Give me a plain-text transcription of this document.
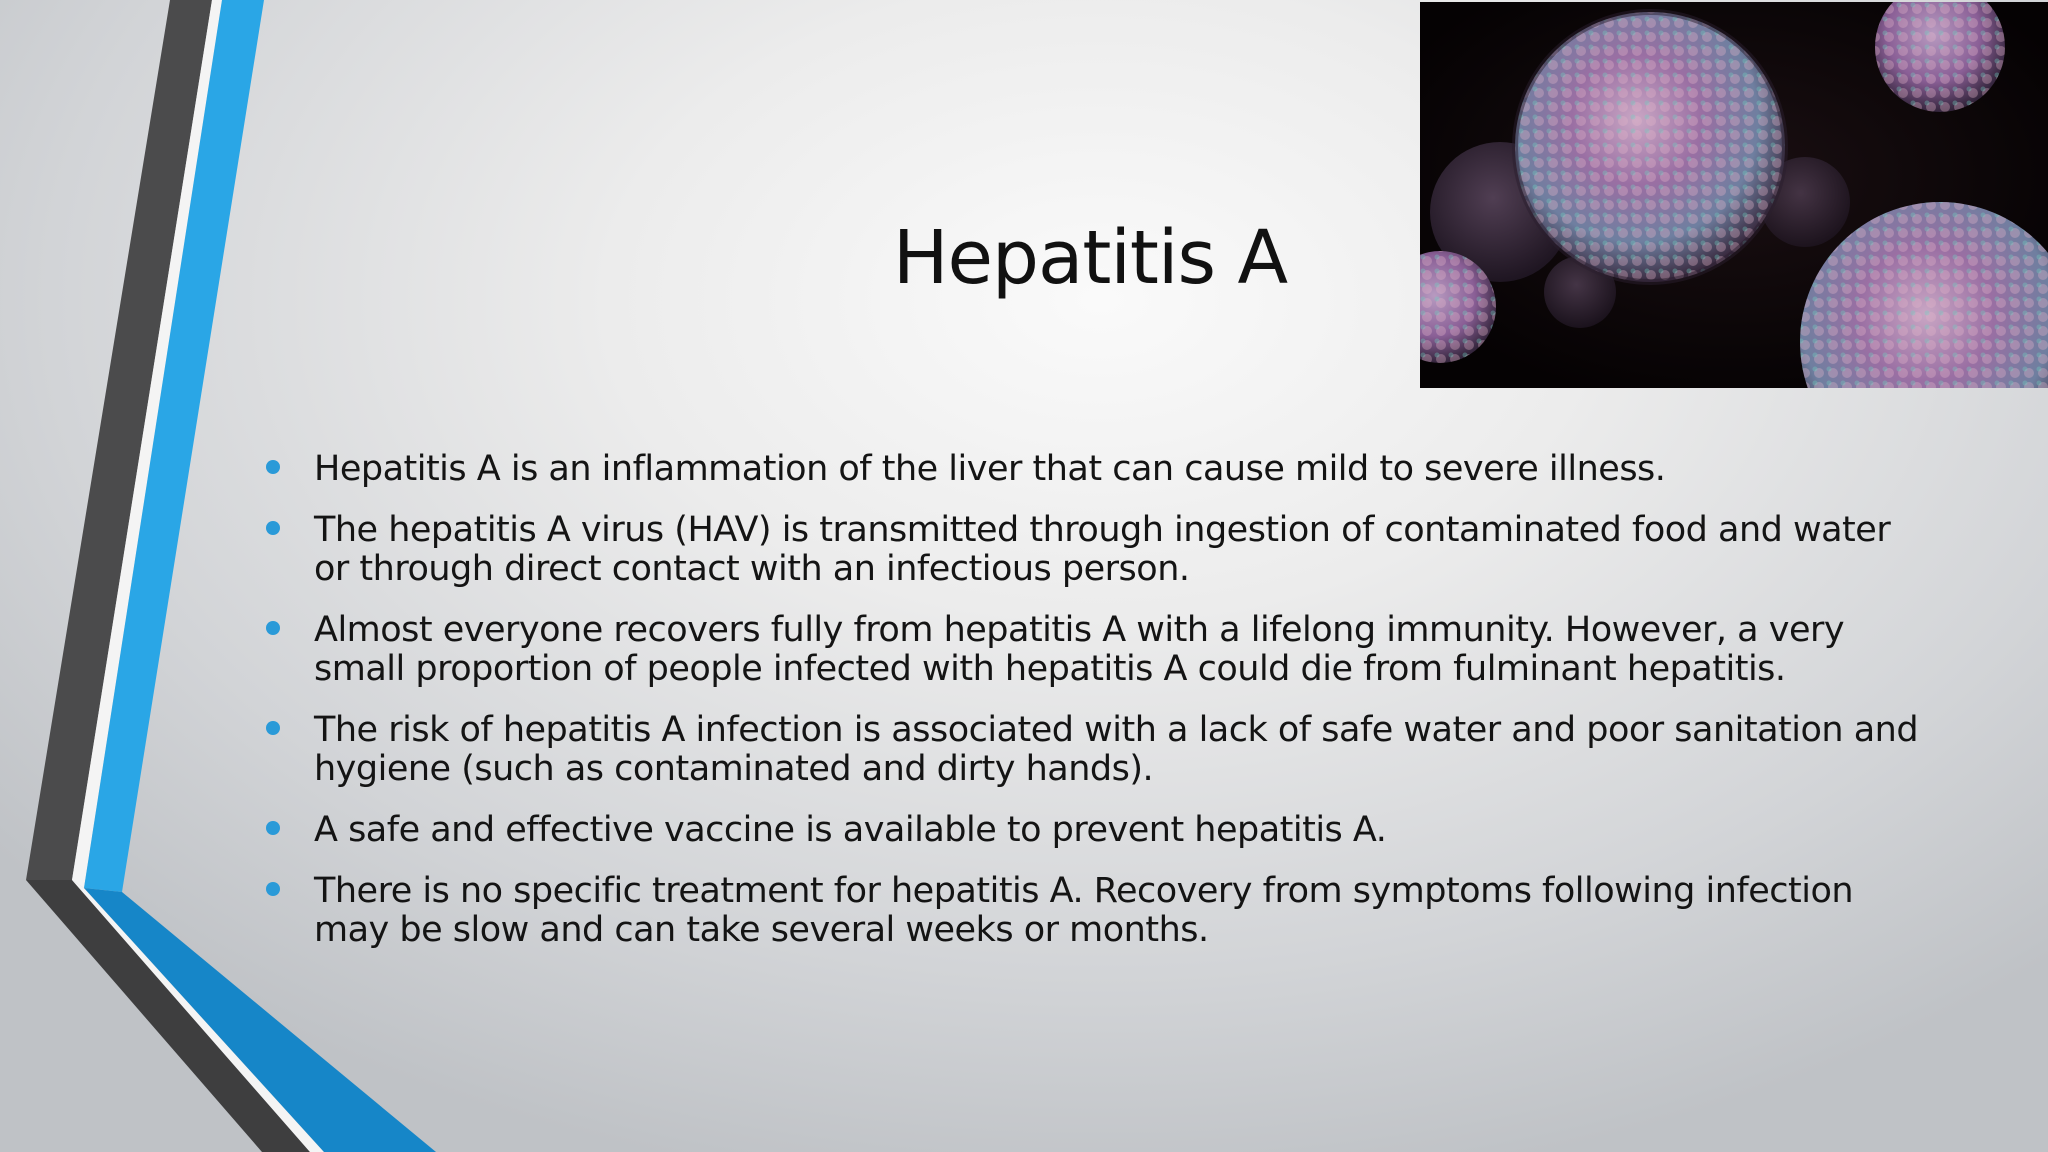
Hepatitis A
Hepatitis A is an inflammation of the liver that can cause mild to severe illness.
The hepatitis A virus (HAV) is transmitted through ingestion of contaminated food and water or through direct contact with an infectious person.
Almost everyone recovers fully from hepatitis A with a lifelong immunity. However, a very small proportion of people infected with hepatitis A could die from fulminant hepatitis.
The risk of hepatitis A infection is associated with a lack of safe water and poor sanitation and hygiene (such as contaminated and dirty hands).
A safe and effective vaccine is available to prevent hepatitis A.
There is no specific treatment for hepatitis A. Recovery from symptoms following infection may be slow and can take several weeks or months.
